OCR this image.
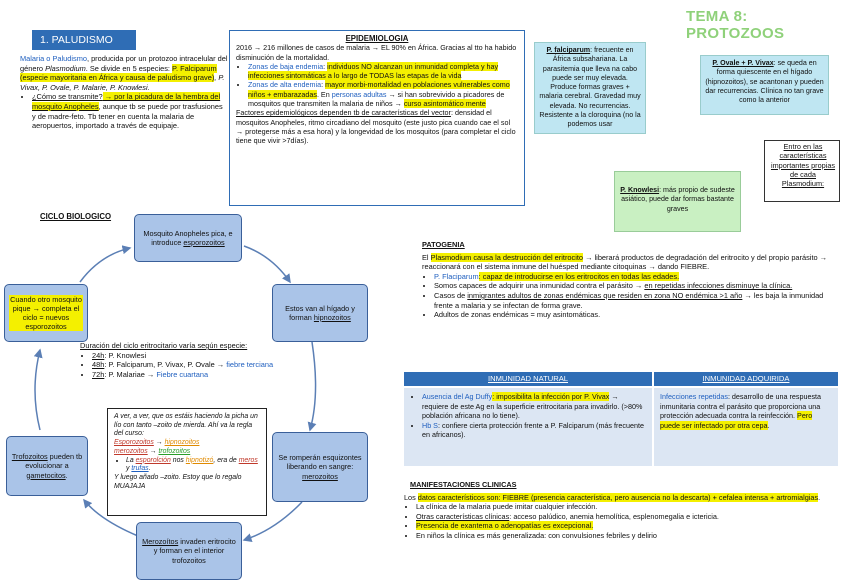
TEMA 8: PROTOZOOS
1. PALUDISMO

Malaria o Paludismo, producida por un protozoo intracelular del género Plasmodium. Se divide en 5 especies: P. Falciparum (especie mayoritaria en África y causa de paludismo grave), P. Vivax, P. Ovale, P. Malarie, P. Knowlesi.

• ¿Cómo se transmite? → por la picadura de la hembra del mosquito Anopheles, aunque tb se puede por trasfusiones y de madre-feto. Tb tener en cuenta la malaria de aeropuertos, importado a través de equipaje.
EPIDEMIOLOGIA

2016 → 216 millones de casos de malaria → EL 90% en África. Gracias al tto ha habido disminución de la mortalidad.

• Zonas de baja endemia: individuos NO alcanzan un inmunidad completa y hay infecciones sintomáticas a lo largo de TODAS las etapas de la vida
• Zonas de alta endemia: mayor morbi-mortalidad en poblaciones vulnerables como niños + embarazadas. En personas adultas → si han sobrevivido a picadores de mosquitos que transmiten la malaria de niños → curso asintomático mente

Factores epidemiológicos dependen tb de características del vector: densidad el mosquitos Anopheles, ritmo circadiano del mosquito (este justo pica cuando cae el sol → protegerse más a esa hora) y la longevidad de los mosquitos (para completar el ciclo tiene que vivir >7días).

P. falciparum: frecuente en África subsahariana. La parasitemia que lleva na cabo puede ser muy elevada. Produce formas graves + malaria cerebral. Gravedad muy elevada. No recurrencias. Resistente a la cloroquina (no la podemos usar
P. Ovale + P. Vivax: se queda en forma quiescente en el hígado (hipnozoitos), se acantonan y pueden dar recurrencias. Clínica no tan grave como la anterior
P. Knowlesi: más propio de sudeste asiático, puede dar formas bastante graves
Entro en las características importantes propias de cada Plasmodium:
CICLO BIOLOGICO
Mosquito Anopheles pica, e introduce esporozoitos
Estos van al hígado y forman hipnozoitos
Se romperán esquizontes liberando en sangre: merozoitos
Merozoítos invaden eritrocito y forman en el interior trofozoitos
Trofozoitos pueden tb evolucionar a gametocitos.
Cuando otro mosquito pique → completa el ciclo = nuevos esporozoitos

Duración del ciclo eritrocitario varía según especie:

• 24h: P. Knowlesi
• 48h: P. Falciparum, P. Vivax, P. Ovale → fiebre terciana
• 72h: P. Malariae → Fiebre cuartana

A ver, a ver, que os estáis haciendo la picha un lío con tanto –zoito de mierda. Ahí va la regla del curso:

Esporozoitos → hipnozoitos

merozoitos → trofozoitos

• La esporolción nos hipnotizó, era de meros y trufas.

Y luego añado –zoito. Estoy que lo regalo MUAJAJA

PATOGENIA

El Plasmodium causa la destrucción del eritrocito → liberará productos de degradación del eritrocito y del propio parásito → reaccionará con el sistema inmune del huésped mediante citoquinas → dando FIEBRE.

• P. Flaciparum: capaz de introducirse en los eritrocitos en todas las edades.
• Somos capaces de adquirir una inmunidad contra el parásito → en repetidas infecciones disminuye la clínica.
• Casos de inmigrantes adultos de zonas endémicas que residen en zona NO endémica >1 año → les baja la inmunidad frente a malaria y se infectan de forma grave.
• Adultos de zonas endémicas = muy asintomáticas.
INMUNIDAD NATURAL	INMUNIDAD ADQUIRIDA
• Ausencia del Ag Duffy: imposibilita la infección por P. Vivax → requiere de este Ag en la superficie eritrocitaria para invadirlo. (>80% población africana no lo tiene).
• Hb S: confiere cierta protección frente a P. Falciparum (más frecuente en africanos).
Infecciones repetidas: desarrollo de una respuesta inmunitaria contra el parásito que proporciona una protección adecuada contra la reinfección. Pero puede ser infectado por otra cepa.

MANIFESTACIONES CLINICAS

Los datos característicos son: FIEBRE (presencia característica, pero ausencia no la descarta) + cefalea intensa + artromialgias.

• La clínica de la malaria puede imitar cualquier infección.
• Otras características clínicas: acceso palúdico, anemia hemolítica, esplenomegalia e ictericia.
• Presencia de exantema o adenopatías es excepcional.
• En niños la clínica es más generalizada: con convulsiones febriles y delirio
